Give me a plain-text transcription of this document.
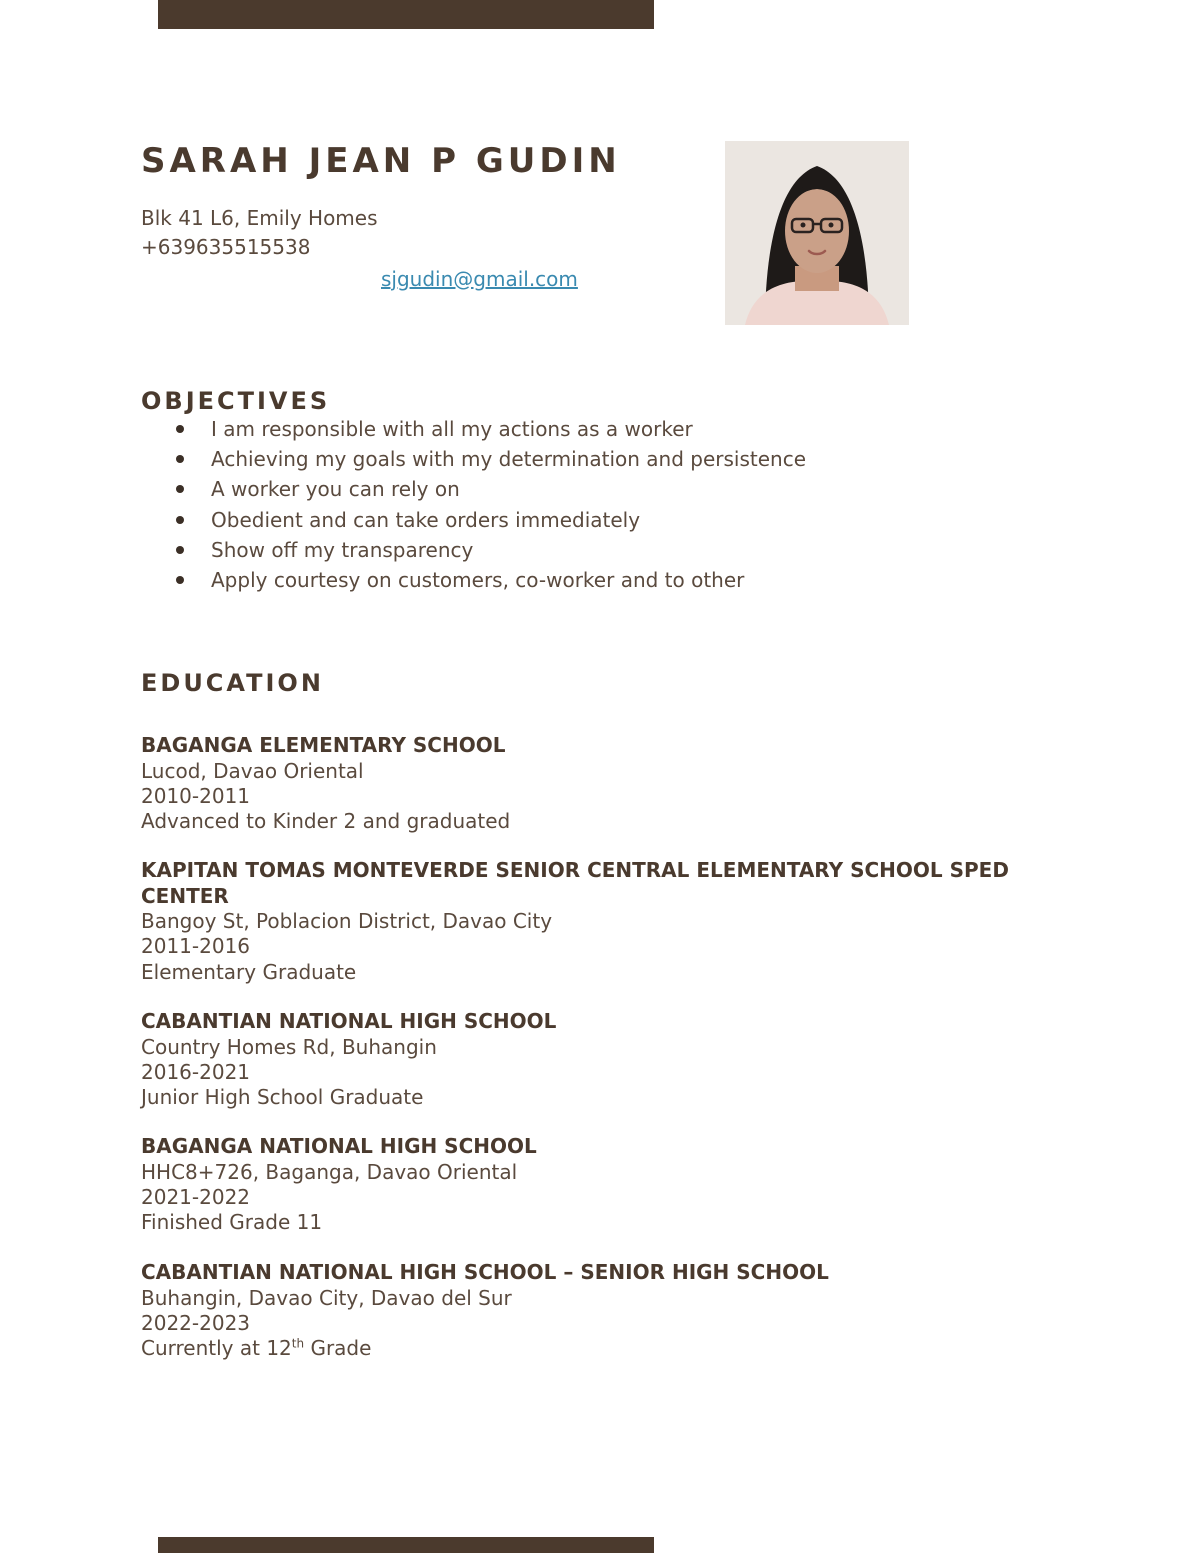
SARAH JEAN P GUDIN
Blk 41 L6, Emily Homes
+639635515538
sjgudin@gmail.com
OBJECTIVES
I am responsible with all my actions as a worker
Achieving my goals with my determination and persistence
A worker you can rely on
Obedient and can take orders immediately
Show off my transparency
Apply courtesy on customers, co-worker and to other
EDUCATION

BAGANGA ELEMENTARY SCHOOL

Lucod, Davao Oriental

2010-2011

Advanced to Kinder 2 and graduated

KAPITAN TOMAS MONTEVERDE SENIOR CENTRAL ELEMENTARY SCHOOL SPED CENTER

Bangoy St, Poblacion District, Davao City

2011-2016

Elementary Graduate

CABANTIAN NATIONAL HIGH SCHOOL

Country Homes Rd, Buhangin

2016-2021

Junior High School Graduate

BAGANGA NATIONAL HIGH SCHOOL

HHC8+726, Baganga, Davao Oriental

2021-2022

Finished Grade 11

CABANTIAN NATIONAL HIGH SCHOOL – SENIOR HIGH SCHOOL

Buhangin, Davao City, Davao del Sur

2022-2023

Currently at 12th Grade
